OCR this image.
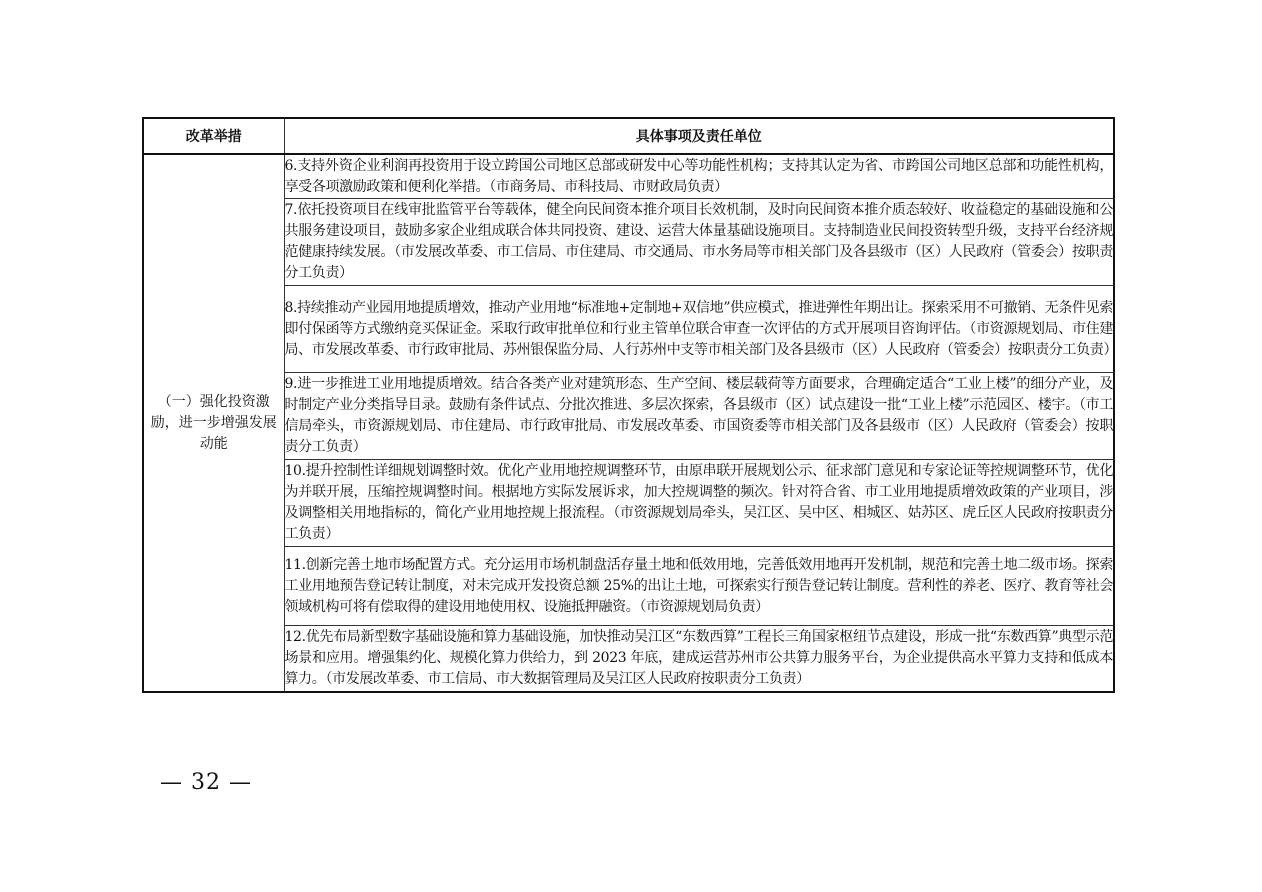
改革举措	具体事项及责任单位
（一）强化投资激励，进一步增强发展动能	6.支持外资企业利润再投资用于设立跨国公司地区总部或研发中心等功能性机构；支持其认定为省、市跨国公司地区总部和功能性机构，享受各项激励政策和便利化举措。（市商务局、市科技局、市财政局负责）
	7.依托投资项目在线审批监管平台等载体，健全向民间资本推介项目长效机制，及时向民间资本推介质态较好、收益稳定的基础设施和公共服务建设项目，鼓励多家企业组成联合体共同投资、建设、运营大体量基础设施项目。支持制造业民间投资转型升级，支持平台经济规范健康持续发展。（市发展改革委、市工信局、市住建局、市交通局、市水务局等市相关部门及各县级市（区）人民政府（管委会）按职责分工负责）
	8.持续推动产业园用地提质增效，推动产业用地“标准地+定制地+双信地”供应模式，推进弹性年期出让。探索采用不可撤销、无条件见索即付保函等方式缴纳竞买保证金。采取行政审批单位和行业主管单位联合审查一次评估的方式开展项目咨询评估。（市资源规划局、市住建局、市发展改革委、市行政审批局、苏州银保监分局、人行苏州中支等市相关部门及各县级市（区）人民政府（管委会）按职责分工负责）
	9.进一步推进工业用地提质增效。结合各类产业对建筑形态、生产空间、楼层载荷等方面要求，合理确定适合“工业上楼”的细分产业，及时制定产业分类指导目录。鼓励有条件试点、分批次推进、多层次探索，各县级市（区）试点建设一批“工业上楼”示范园区、楼宇。（市工信局牵头，市资源规划局、市住建局、市行政审批局、市发展改革委、市国资委等市相关部门及各县级市（区）人民政府（管委会）按职责分工负责）
	10.提升控制性详细规划调整时效。优化产业用地控规调整环节，由原串联开展规划公示、征求部门意见和专家论证等控规调整环节，优化为并联开展，压缩控规调整时间。根据地方实际发展诉求，加大控规调整的频次。针对符合省、市工业用地提质增效政策的产业项目，涉及调整相关用地指标的，简化产业用地控规上报流程。（市资源规划局牵头，吴江区、吴中区、相城区、姑苏区、虎丘区人民政府按职责分工负责）
	11.创新完善土地市场配置方式。充分运用市场机制盘活存量土地和低效用地，完善低效用地再开发机制，规范和完善土地二级市场。探索工业用地预告登记转让制度，对未完成开发投资总额 25%的出让土地，可探索实行预告登记转让制度。营利性的养老、医疗、教育等社会领域机构可将有偿取得的建设用地使用权、设施抵押融资。（市资源规划局负责）
	12.优先布局新型数字基础设施和算力基础设施，加快推动吴江区“东数西算”工程长三角国家枢纽节点建设，形成一批“东数西算”典型示范场景和应用。增强集约化、规模化算力供给力，到 2023 年底，建成运营苏州市公共算力服务平台，为企业提供高水平算力支持和低成本算力。（市发展改革委、市工信局、市大数据管理局及吴江区人民政府按职责分工负责）
— 32 —
